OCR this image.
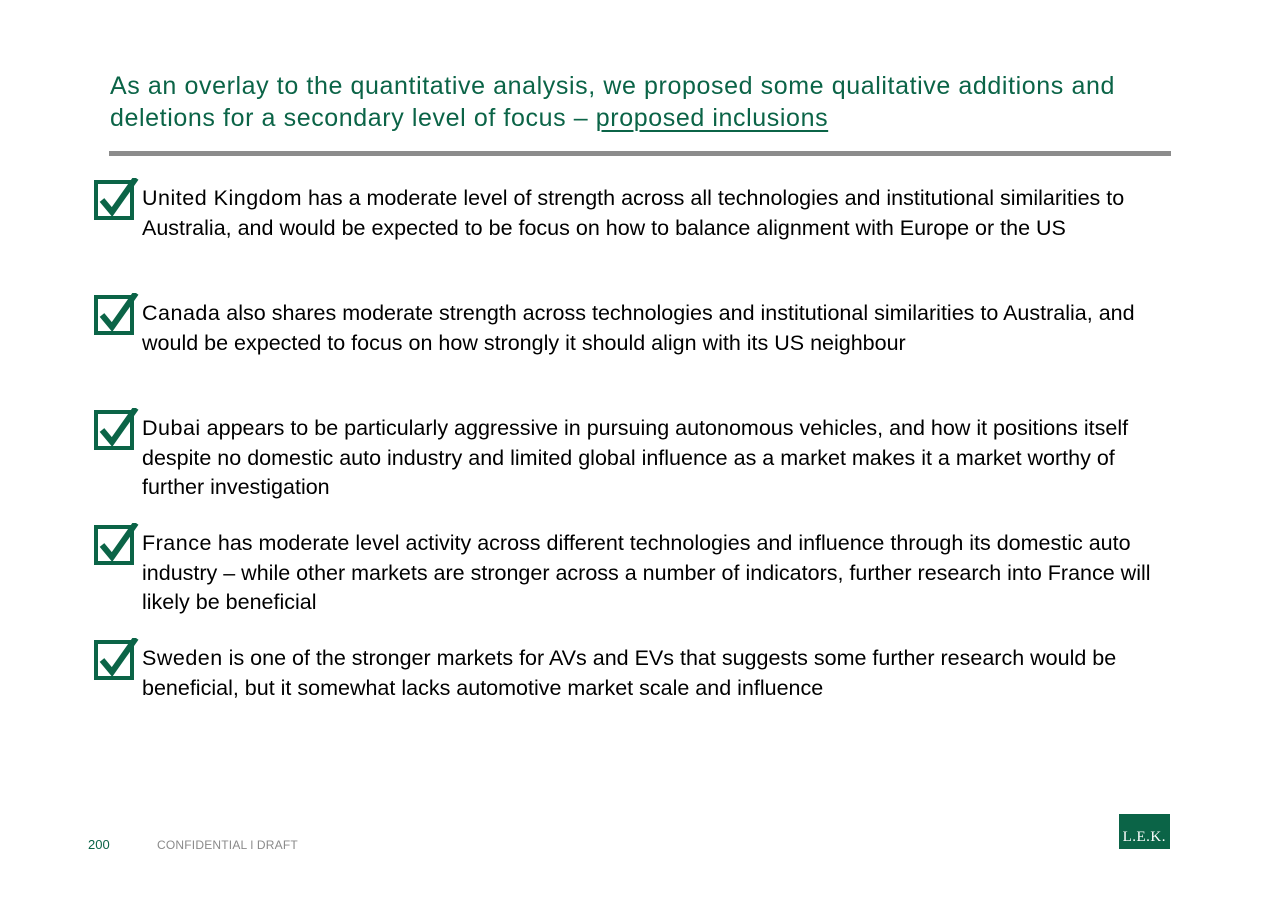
As an overlay to the quantitative analysis, we proposed some qualitative additions and deletions for a secondary level of focus – proposed inclusions

United Kingdom has a moderate level of strength across all technologies and institutional similarities to Australia, and would be expected to be focus on how to balance alignment with Europe or the US

Canada also shares moderate strength across technologies and institutional similarities to Australia, and would be expected to focus on how strongly it should align with its US neighbour

Dubai appears to be particularly aggressive in pursuing autonomous vehicles, and how it positions itself despite no domestic auto industry and limited global influence as a market makes it a market worthy of further investigation

France has moderate level activity across different technologies and influence through its domestic auto industry – while other markets are stronger across a number of indicators, further research into France will likely be beneficial

Sweden is one of the stronger markets for AVs and EVs that suggests some further research would be beneficial, but it somewhat lacks automotive market scale and influence

200	CONFIDENTIAL l DRAFT	L.E.K.
